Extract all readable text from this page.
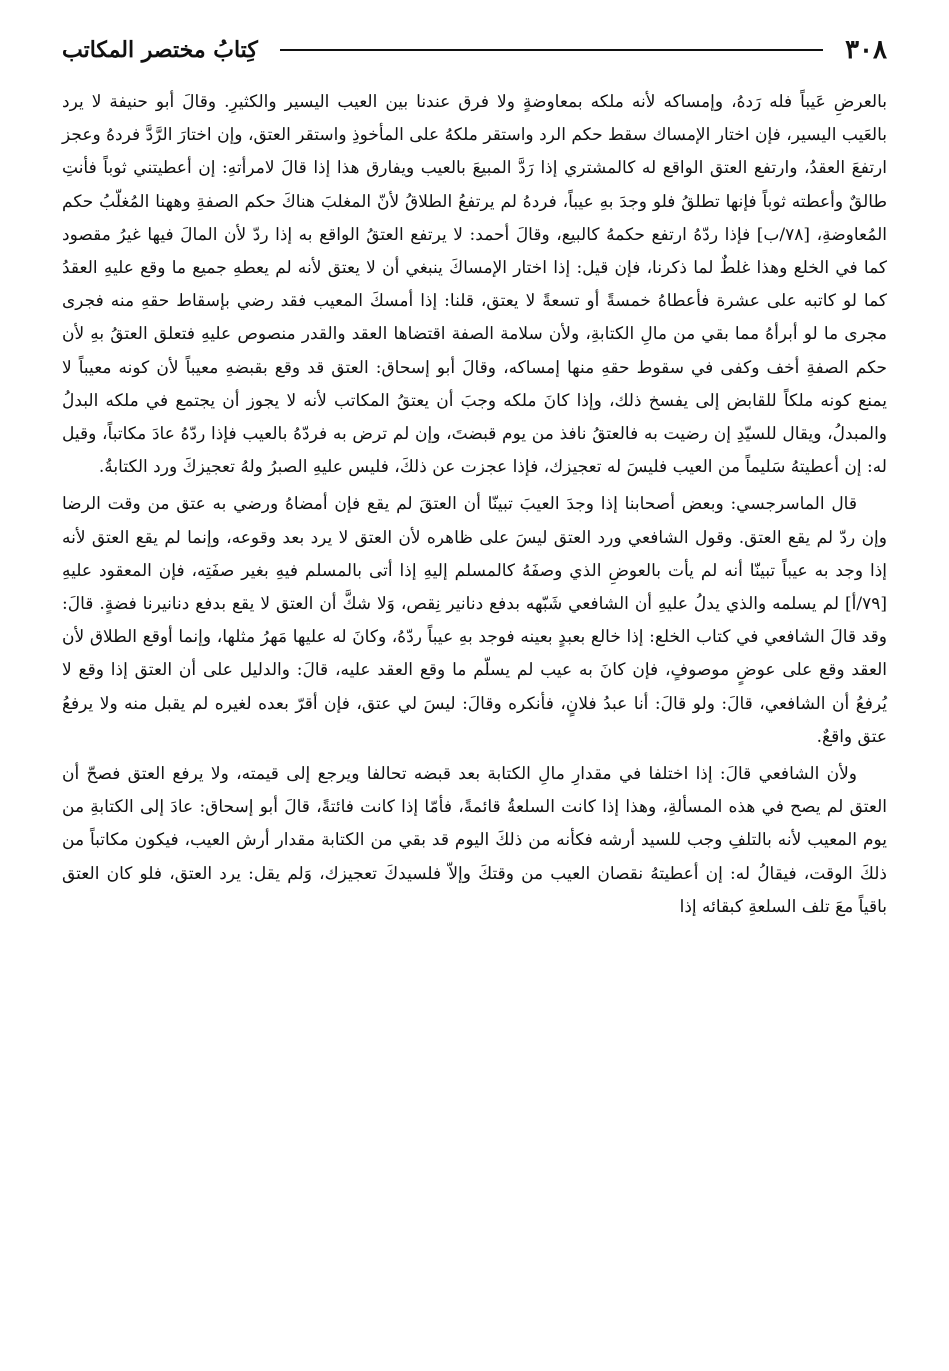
٣٠٨
كِتابُ مختصر المكاتب

بالعرضِ عَيباً فله رَدهُ، وإمساكه لأنه ملكه بمعاوضةٍ ولا فرق عندنا بين العيب اليسير والكثيرِ. وقالَ أبو حنيفة لا يرد بالعَيب اليسير، فإن اختار الإمساك سقط حكم الرد واستقر ملكهُ على المأخوذِ واستقر العتق، وإن اختارَ الرَّدَّ فردهُ وعجز ارتفعَ العقدُ، وارتفع العتق الواقع له كالمشتري إذا رَدَّ المبيعَ بالعيب ويفارق هذا إذا قالَ لامرأتهِ: إن أعطيتني ثوباً فأنتِ طالقٌ وأعطته ثوباً فإنها تطلقُ فلو وجدَ بهِ عيباً، فردهُ لم يرتفعُ الطلاقُ لأنّ المغلبَ هناكَ حكم الصفةِ وههنا المُغلّبُ حكم المُعاوضةِ، [٧٨/ب] فإذا ردّهُ ارتفع حكمهُ كالبيع، وقالَ أحمد: لا يرتفع العتقُ الواقع به إذا ردّ لأن المالَ فيها غيرُ مقصود كما في الخلع وهذا غلطٌ لما ذكرنا، فإن قيل: إذا اختار الإمساكَ ينبغي أن لا يعتق لأنه لم يعطهِ جميع ما وقع عليهِ العقدُ كما لو كاتبه على عشرة فأعطاهُ خمسةً أو تسعةً لا يعتق، قلنا: إذا أمسكَ المعيب فقد رضي بإسقاط حقهِ منه فجرى مجرى ما لو أبرأهُ مما بقي من مالِ الكتابةِ، ولأن سلامة الصفة اقتضاها العقد والقدر منصوص عليهِ فتعلق العتقُ بهِ لأن حكم الصفةِ أخف وكفى في سقوط حقهِ منها إمساكه، وقالَ أبو إسحاق: العتق قد وقع بقبضهِ معيباً لأن كونه معيباً لا يمنع كونه ملكاً للقابض إلى يفسخ ذلك، وإذا كانَ ملكه وجبَ أن يعتقُ المكاتب لأنه لا يجوز أن يجتمع في ملكه البدلُ والمبدلُ، ويقال للسيّدِ إن رضيت به فالعتقُ نافذ من يوم قبضتَ، وإن لم ترض به فردّهُ بالعيب فإذا ردّهُ عادَ مكاتباً، وقيل له: إن أعطيتهُ سَليماً من العيب فليسَ له تعجيزك، فإذا عجزت عن ذلكَ، فليس عليهِ الصبرُ ولهُ تعجيزكَ ورد الكتابةُ.

قال الماسرجسي: وبعض أصحابنا إذا وجدَ العيبَ تبينّا أن العتقَ لم يقع فإن أمضاهُ ورضي به عتق من وقت الرضا وإن ردّ لم يقع العتق. وقول الشافعي ورد العتق ليسَ على ظاهره لأن العتق لا يرد بعد وقوعه، وإنما لم يقع العتق لأنه إذا وجد به عيباً تبينّا أنه لم يأت بالعوضِ الذي وصفَهُ كالمسلم إليهِ إذا أتى بالمسلم فيهِ بغير صفَتِه، فإن المعقود عليهِ [٧٩/أ] لم يسلمه والذي يدلُ عليهِ أن الشافعي شَبّهه بدفع دنانير نِقص، وَلا شكَّ أن العتق لا يقع بدفع دنانيرنا فضةٍ. قالَ: وقد قالَ الشافعي في كتاب الخلع: إذا خالع بعبدٍ بعينه فوجد بهِ عيباً ردّهُ، وكانَ له عليها مَهرُ مثلها، وإنما أوقع الطلاق لأن العقد وقع على عوضٍ موصوفٍ، فإن كانَ به عيب لم يسلّم ما وقع العقد عليه، قالَ: والدليل على أن العتق إذا وقع لا يُرفعُ أن الشافعي، قالَ: ولو قالَ: أنا عبدُ فلانٍ، فأنكره وقالَ: ليسَ لي عتق، فإن أقرّ بعده لغيره لم يقبل منه ولا يرفعُ عتق واقعٌ.

ولأن الشافعي قالَ: إذا اختلفا في مقدارِ مالِ الكتابة بعد قبضه تحالفا ويرجع إلى قيمته، ولا يرفع العتق فصحّ أن العتق لم يصح في هذه المسألةِ، وهذا إذا كانت السلعةُ قائمةً، فأمّا إذا كانت فائتةً، قالَ أبو إسحاق: عادَ إلى الكتابةِ من يوم المعيب لأنه بالتلفِ وجب للسيد أرشه فكأنه من ذلكَ اليوم قد بقي من الكتابة مقدار أرش العيب، فيكون مكاتباً من ذلكَ الوقت، فيقالُ له: إن أعطيتهُ نقصان العيب من وقتكَ وإلاّ فلسيدكَ تعجيزك، وَلم يقل: يرد العتق، فلو كان العتق باقياً معَ تلف السلعةِ كبقائه إذا
